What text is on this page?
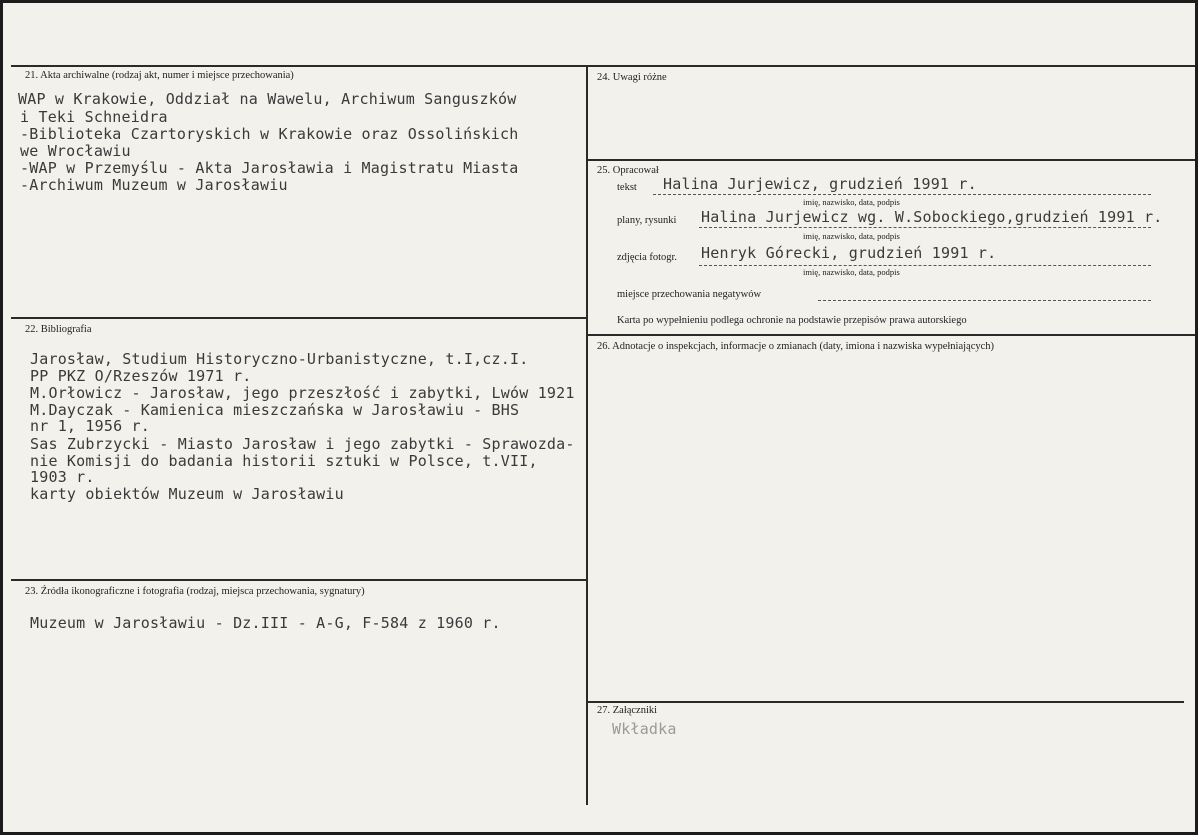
21. Akta archiwalne (rodzaj akt, numer i miejsce przechowania)
WAP w Krakowie, Oddział na Wawelu, Archiwum Sanguszków
i Teki Schneidra
-Biblioteka Czartoryskich w Krakowie oraz Ossolińskich
we Wrocławiu
-WAP w Przemyślu - Akta Jarosławia i Magistratu Miasta
-Archiwum Muzeum w Jarosławiu
22. Bibliografia
Jarosław, Studium Historyczno-Urbanistyczne, t.I,cz.I.
PP PKZ O/Rzeszów 1971 r.
M.Orłowicz - Jarosław, jego przeszłość i zabytki, Lwów 1921
M.Dayczak - Kamienica mieszczańska w Jarosławiu - BHS
nr 1, 1956 r.
Sas Zubrzycki - Miasto Jarosław i jego zabytki - Sprawozda-
nie Komisji do badania historii sztuki w Polsce, t.VII,
1903 r.
karty obiektów Muzeum w Jarosławiu
23. Źródła ikonograficzne i fotografia (rodzaj, miejsca przechowania, sygnatury)
Muzeum w Jarosławiu - Dz.III - A-G, F-584 z 1960 r.
24. Uwagi różne
25. Opracował
tekst Halina Jurjewicz, grudzień 1991 r.
imię, nazwisko, data, podpis
plany, rysunki Halina Jurjewicz wg. W.Sobockiego,grudzień 1991 r.
imię, nazwisko, data, podpis
zdjęcia fotogr. Henryk Górecki, grudzień 1991 r.
imię, nazwisko, data, podpis
miejsce przechowania negatywów
Karta po wypełnieniu podlega ochronie na podstawie przepisów prawa autorskiego
26. Adnotacje o inspekcjach, informacje o zmianach (daty, imiona i nazwiska wypełniających)
27. Załączniki
Wkładka
